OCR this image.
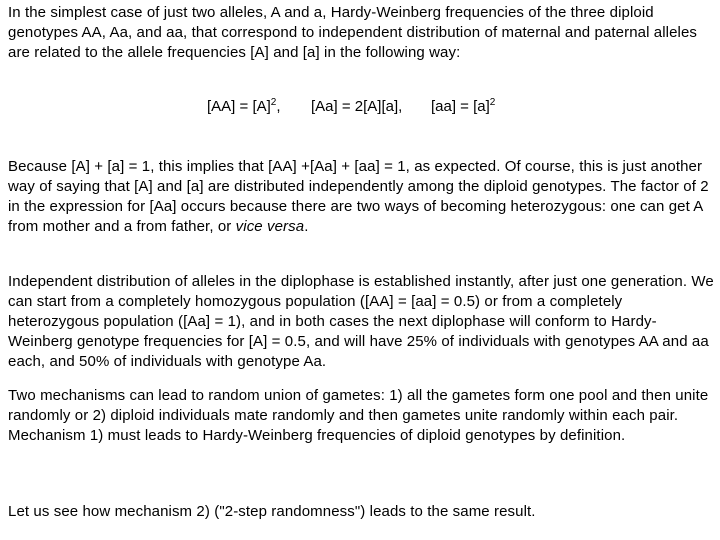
In the simplest case of just two alleles, A and a, Hardy-Weinberg frequencies of the three diploid genotypes AA, Aa, and aa, that correspond to independent distribution of maternal and paternal alleles are related to the allele frequencies [A] and [a] in the following way:

$[AA] = [A]^2$, [Aa] = 2[A][a], $[aa] = [a]^2$

Because [A] + [a] = 1, this implies that [AA] +[Aa] + [aa] = 1, as expected. Of course, this is just another way of saying that [A] and [a] are distributed independently among the diploid genotypes. The factor of 2 in the expression for [Aa] occurs because there are two ways of becoming heterozygous: one can get A from mother and a from father, or vice versa.

Independent distribution of alleles in the diplophase is established instantly, after just one generation. We can start from a completely homozygous population ([AA] = [aa] = 0.5) or from a completely heterozygous population ([Aa] = 1), and in both cases the next diplophase will conform to Hardy-Weinberg genotype frequencies for [A] = 0.5, and will have 25% of individuals with genotypes AA and aa each, and 50% of individuals with genotype Aa.

Two mechanisms can lead to random union of gametes: 1) all the gametes form one pool and then unite randomly or 2) diploid individuals mate randomly and then gametes unite randomly within each pair. Mechanism 1) must leads to Hardy-Weinberg frequencies of diploid genotypes by definition.

Let us see how mechanism 2) ("2-step randomness") leads to the same result.
